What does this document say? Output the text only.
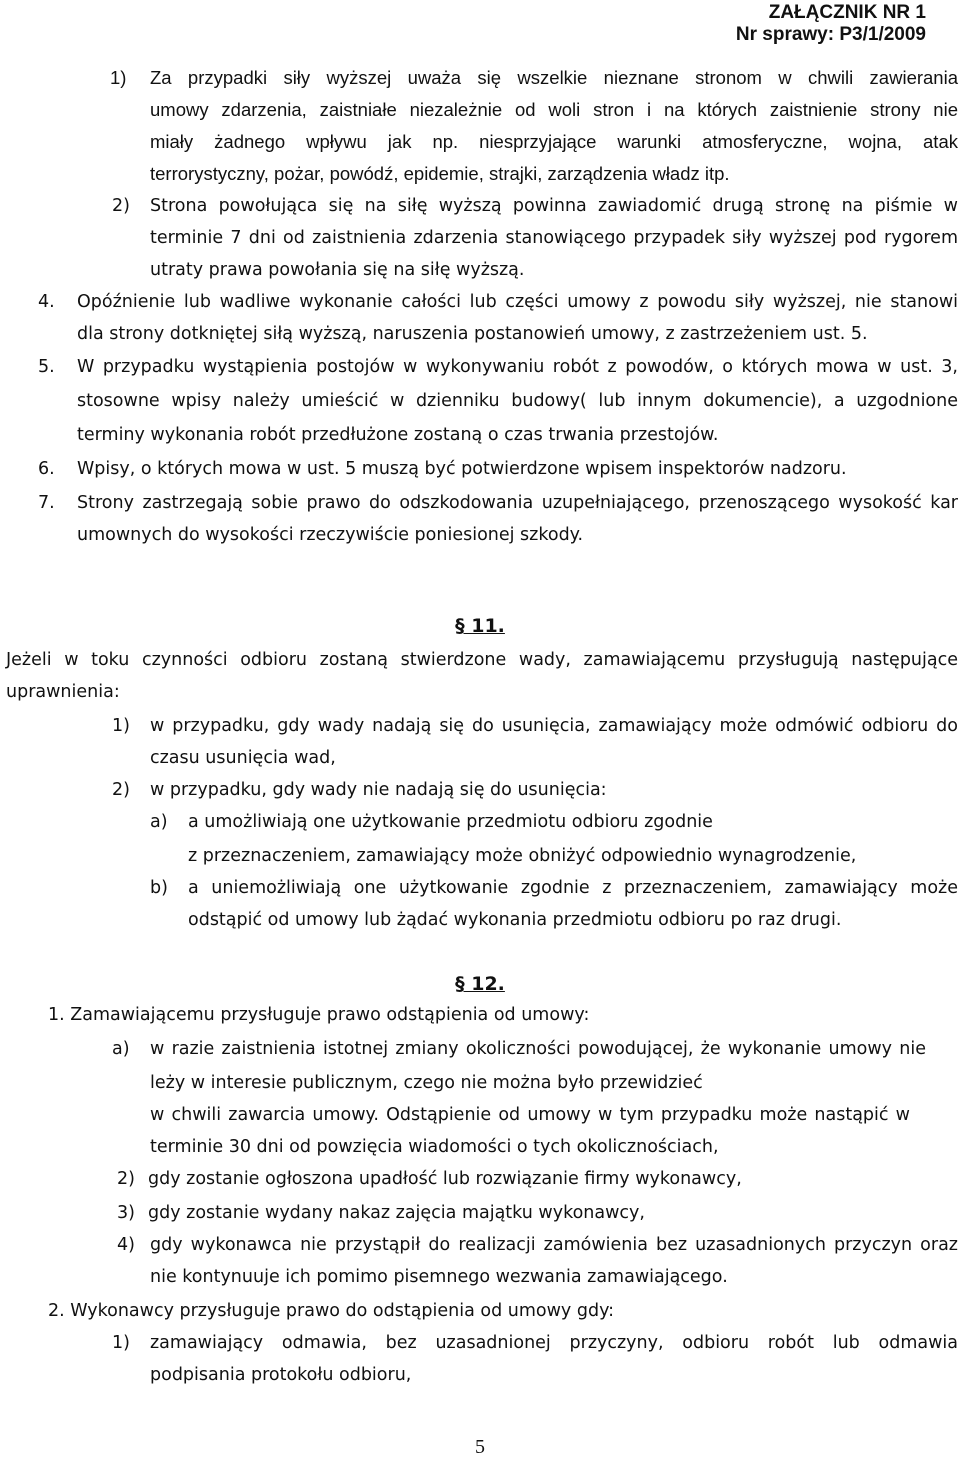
ZAŁĄCZNIK NR 1
Nr sprawy: P3/1/2009
1) Za przypadki siły wyższej uważa się wszelkie nieznane stronom w chwili zawierania
umowy zdarzenia, zaistniałe niezależnie od woli stron i na których zaistnienie strony nie
miały żadnego wpływu jak np. niesprzyjające warunki atmosferyczne, wojna, atak
terrorystyczny, pożar, powódź, epidemie, strajki, zarządzenia władz itp.
2) Strona powołująca się na siłę wyższą powinna zawiadomić drugą stronę na piśmie w
terminie 7 dni od zaistnienia zdarzenia stanowiącego przypadek siły wyższej pod rygorem
utraty prawa powołania się na siłę wyższą.
4. Opóźnienie lub wadliwe wykonanie całości lub części umowy z powodu siły wyższej, nie stanowi
dla strony dotkniętej siłą wyższą, naruszenia postanowień umowy, z zastrzeżeniem ust. 5.
5. W przypadku wystąpienia postojów w wykonywaniu robót z powodów, o których mowa w ust. 3,
stosowne wpisy należy umieścić w dzienniku budowy( lub innym dokumencie), a uzgodnione
terminy wykonania robót przedłużone zostaną o czas trwania przestojów.
6. Wpisy, o których mowa w ust. 5 muszą być potwierdzone wpisem inspektorów nadzoru.
7. Strony zastrzegają sobie prawo do odszkodowania uzupełniającego, przenoszącego wysokość kar
umownych do wysokości rzeczywiście poniesionej szkody.
§ 11.
Jeżeli w toku czynności odbioru zostaną stwierdzone wady, zamawiającemu przysługują następujące
uprawnienia:
1) w przypadku, gdy wady nadają się do usunięcia, zamawiający może odmówić odbioru do
czasu usunięcia wad,
2) w przypadku, gdy wady nie nadają się do usunięcia:
a) a umożliwiają one użytkowanie przedmiotu odbioru zgodnie
z przeznaczeniem, zamawiający może obniżyć odpowiednio wynagrodzenie,
b) a uniemożliwiają one użytkowanie zgodnie z przeznaczeniem, zamawiający może
odstąpić od umowy lub żądać wykonania przedmiotu odbioru po raz drugi.
§ 12.
1. Zamawiającemu przysługuje prawo odstąpienia od umowy:
a) w razie zaistnienia istotnej zmiany okoliczności powodującej, że wykonanie umowy nie
leży w interesie publicznym, czego nie można było przewidzieć
w chwili zawarcia umowy. Odstąpienie od umowy w tym przypadku może nastąpić w
terminie 30 dni od powzięcia wiadomości o tych okolicznościach,
2) gdy zostanie ogłoszona upadłość lub rozwiązanie firmy wykonawcy,
3) gdy zostanie wydany nakaz zajęcia majątku wykonawcy,
4) gdy wykonawca nie przystąpił do realizacji zamówienia bez uzasadnionych przyczyn oraz
nie kontynuuje ich pomimo pisemnego wezwania zamawiającego.
2. Wykonawcy przysługuje prawo do odstąpienia od umowy gdy:
1) zamawiający odmawia, bez uzasadnionej przyczyny, odbioru robót lub odmawia
podpisania protokołu odbioru,
5
